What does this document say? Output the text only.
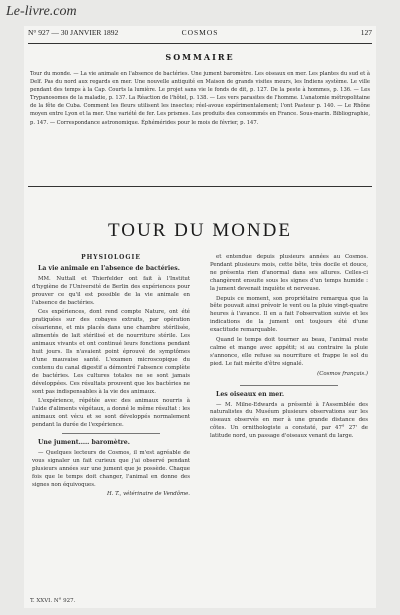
Le-livre.com
N° 927 — 30 JANVIER 1892	COSMOS	127
SOMMAIRE
Tour du monde. — La vie animale en l'absence de bactéries. Une jument baromètre. Les oiseaux en mer. Les plantes du sud et à Delf. Pas du nord aux regards en mer. Une nouvelle antiquité en Maison de grands visites meurs, les Indiens système. Le ville pendant des temps à la Cap. Courts la lumière. Le projet sans vie le fonds de dit, p. 127. De la peste à hommes, p. 136. — Les Trypanosomes de la maladie, p. 137. La Réaction de l'hôtel, p. 138. — Les vers parasites de l'homme. L'anatomie métropolitaine de la fête de Cuba. Comment les fleurs utilisent les insectes; réel-avoue expérimentalement; l'ont Pasteur p. 140. — Le Rhône moyen entre Lyon et la mer. Une variété de fer. Les prismes. Les produits des consommés en France. Sous-marin. Bibliographie, p. 147. — Correspondance astronomique. Éphémérides pour le mois de février, p. 147.
TOUR DU MONDE
PHYSIOLOGIE

La vie animale en l'absence de bactéries.

MM. Nuttall et Thierfelder ont fait à l'Institut d'hygiène de l'Université de Berlin des expériences pour prouver ce qu'il est possible de la vie animale en l'absence de bactéries.

Ces expériences, dont rend compte Nature, ont été pratiquées sur des cobayes extraits, par opération césarienne, et mis placés dans une chambre stérilisée, alimentés de lait stérilisé et de nourriture stérile. Les animaux vivants et ont continué leurs fonctions pendant huit jours. Ils n'avaient point éprouvé de symptômes d'une mauvaise santé. L'examen microscopique du contenu du canal digestif a démontré l'absence complète de bactéries. Les cultures totales ne se sont jamais développées. Ces résultats prouvent que les bactéries ne sont pas indispensables à la vie des animaux.

L'expérience, répétée avec des animaux nourris à l'aide d'aliments végétaux, a donné le même résultat : les animaux ont vécu et se sont développés normalement pendant la durée de l'expérience.

Une jument..... baromètre.

— Quelques lecteurs de Cosmos, il m'est agréable de vous signaler un fait curieux que j'ai observé pendant plusieurs années sur une jument que je possède. Chaque fois que le temps doit changer, l'animal en donne des signes non équivoques.

H. T., vétérinaire de Vendôme.

et entendue depuis plusieurs années au Cosmos. Pendant plusieurs mois, cette bête, très docile et douce, ne présenta rien d'anormal dans ses allures. Celles-ci changèrent ensuite sous les signes d'un temps humide : la jument devenait inquiète et nerveuse.

Depuis ce moment, son propriétaire remarqua que la bête pouvait ainsi prévoir le vent ou la pluie vingt-quatre heures à l'avance. Il en a fait l'observation suivie et les indications de la jument ont toujours été d'une exactitude remarquable.

Quand le temps doit tourner au beau, l'animal reste calme et mange avec appétit; si au contraire la pluie s'annonce, elle refuse sa nourriture et frappe le sol du pied. Le fait mérite d'être signalé.

(Cosmos français.)

Les oiseaux en mer.

— M. Milne-Edwards a présenté à l'Assemblée des naturalistes du Muséum plusieurs observations sur les oiseaux observés en mer à une grande distance des côtes. Un ornithologiste a constaté, par 47° 27' de latitude nord, un passage d'oiseaux venant du large.

T. XXVI. N° 927.
